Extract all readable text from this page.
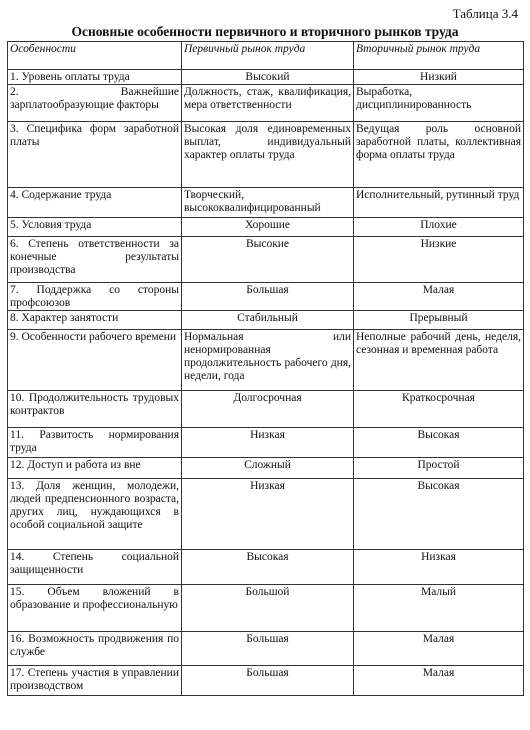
Таблица 3.4
Основные особенности первичного и вторичного рынков труда
Особенности	Первичный рынок труда	Вторичный рынок труда
1. Уровень оплаты труда	Высокий	Низкий
2. Важнейшие зарплатообразующие факторы	Должность, стаж, квалификация, мера ответственности	Выработка, дисциплинированность
3. Специфика форм заработной платы	Высокая доля единовременных выплат, индивидуальный характер оплаты труда	Ведущая роль основной заработной платы, коллективная форма оплаты труда
4. Содержание труда	Творческий, высококвалифицированный	Исполнительный, рутинный труд
5. Условия труда	Хорошие	Плохие
6. Степень ответственности за конечные результаты производства	Высокие	Низкие
7. Поддержка со стороны профсоюзов	Большая	Малая
8. Характер занятости	Стабильный	Прерывный
9. Особенности рабочего времени	Нормальная или ненормированная продолжительность рабочего дня, недели, года	Неполные рабочий день, неделя, сезонная и временная работа
10. Продолжительность трудовых контрактов	Долгосрочная	Краткосрочная
11. Развитость нормирования труда	Низкая	Высокая
12. Доступ и работа из вне	Сложный	Простой
13. Доля женщин, молодежи, людей предпенсионного возраста, других лиц, нуждающихся в особой социальной защите	Низкая	Высокая
14. Степень социальной защищенности	Высокая	Низкая
15. Объем вложений в образование и профессиональную	Большой	Малый
16. Возможность продвижения по службе	Большая	Малая
17. Степень участия в управлении производством	Большая	Малая
